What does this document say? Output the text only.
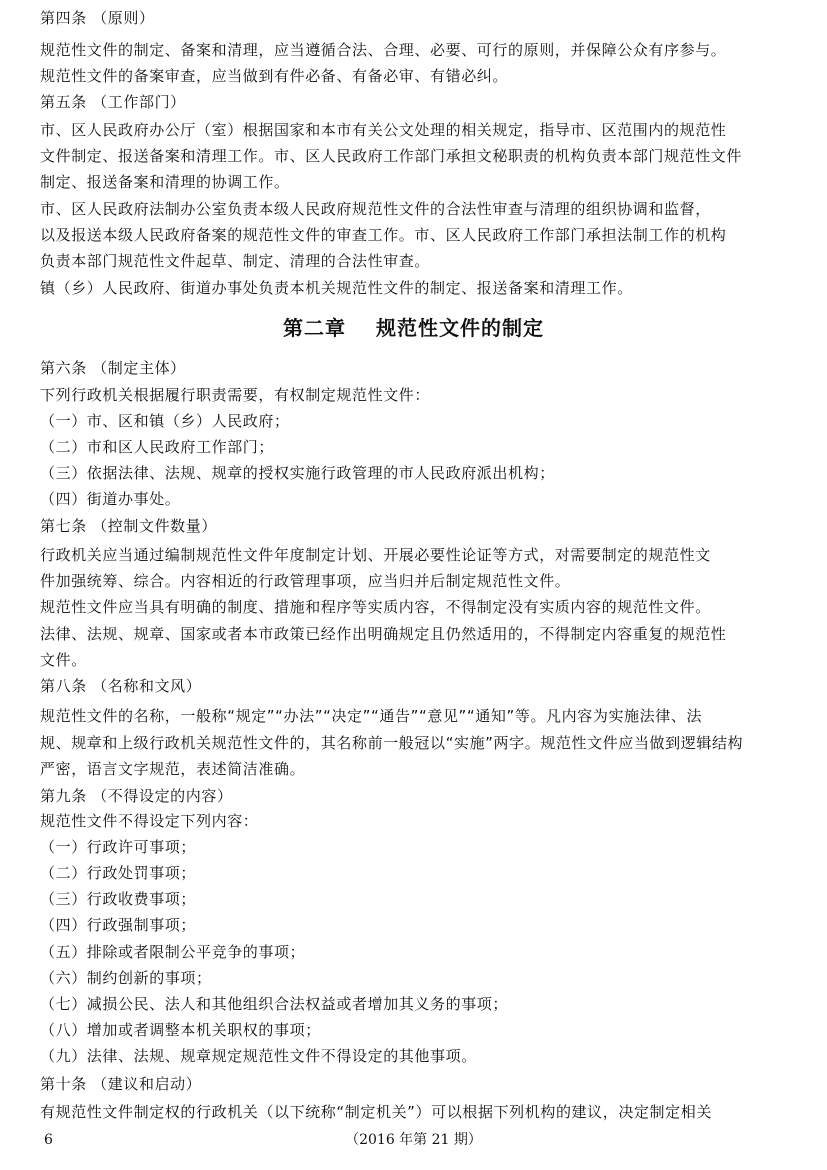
第四条 （原则）
规范性文件的制定、备案和清理，应当遵循合法、合理、必要、可行的原则，并保障公众有序参与。
规范性文件的备案审查，应当做到有件必备、有备必审、有错必纠。
第五条 （工作部门）
市、区人民政府办公厅（室）根据国家和本市有关公文处理的相关规定，指导市、区范围内的规范性
文件制定、报送备案和清理工作。市、区人民政府工作部门承担文秘职责的机构负责本部门规范性文件
制定、报送备案和清理的协调工作。
市、区人民政府法制办公室负责本级人民政府规范性文件的合法性审查与清理的组织协调和监督，
以及报送本级人民政府备案的规范性文件的审查工作。市、区人民政府工作部门承担法制工作的机构
负责本部门规范性文件起草、制定、清理的合法性审查。
镇（乡）人民政府、街道办事处负责本机关规范性文件的制定、报送备案和清理工作。
第二章 规范性文件的制定
第六条 （制定主体）
下列行政机关根据履行职责需要，有权制定规范性文件：
（一）市、区和镇（乡）人民政府；
（二）市和区人民政府工作部门；
（三）依据法律、法规、规章的授权实施行政管理的市人民政府派出机构；
（四）街道办事处。
第七条 （控制文件数量）
行政机关应当通过编制规范性文件年度制定计划、开展必要性论证等方式，对需要制定的规范性文
件加强统筹、综合。内容相近的行政管理事项，应当归并后制定规范性文件。
规范性文件应当具有明确的制度、措施和程序等实质内容，不得制定没有实质内容的规范性文件。
法律、法规、规章、国家或者本市政策已经作出明确规定且仍然适用的，不得制定内容重复的规范性
文件。
第八条 （名称和文风）
规范性文件的名称，一般称“规定”“办法”“决定”“通告”“意见”“通知”等。凡内容为实施法律、法
规、规章和上级行政机关规范性文件的，其名称前一般冠以“实施”两字。规范性文件应当做到逻辑结构
严密，语言文字规范，表述简洁准确。
第九条 （不得设定的内容）
规范性文件不得设定下列内容：
（一）行政许可事项；
（二）行政处罚事项；
（三）行政收费事项；
（四）行政强制事项；
（五）排除或者限制公平竞争的事项；
（六）制约创新的事项；
（七）减损公民、法人和其他组织合法权益或者增加其义务的事项；
（八）增加或者调整本机关职权的事项；
（九）法律、法规、规章规定规范性文件不得设定的其他事项。
第十条 （建议和启动）
有规范性文件制定权的行政机关（以下统称“制定机关”）可以根据下列机构的建议，决定制定相关
6	（2016 年第 21 期）
